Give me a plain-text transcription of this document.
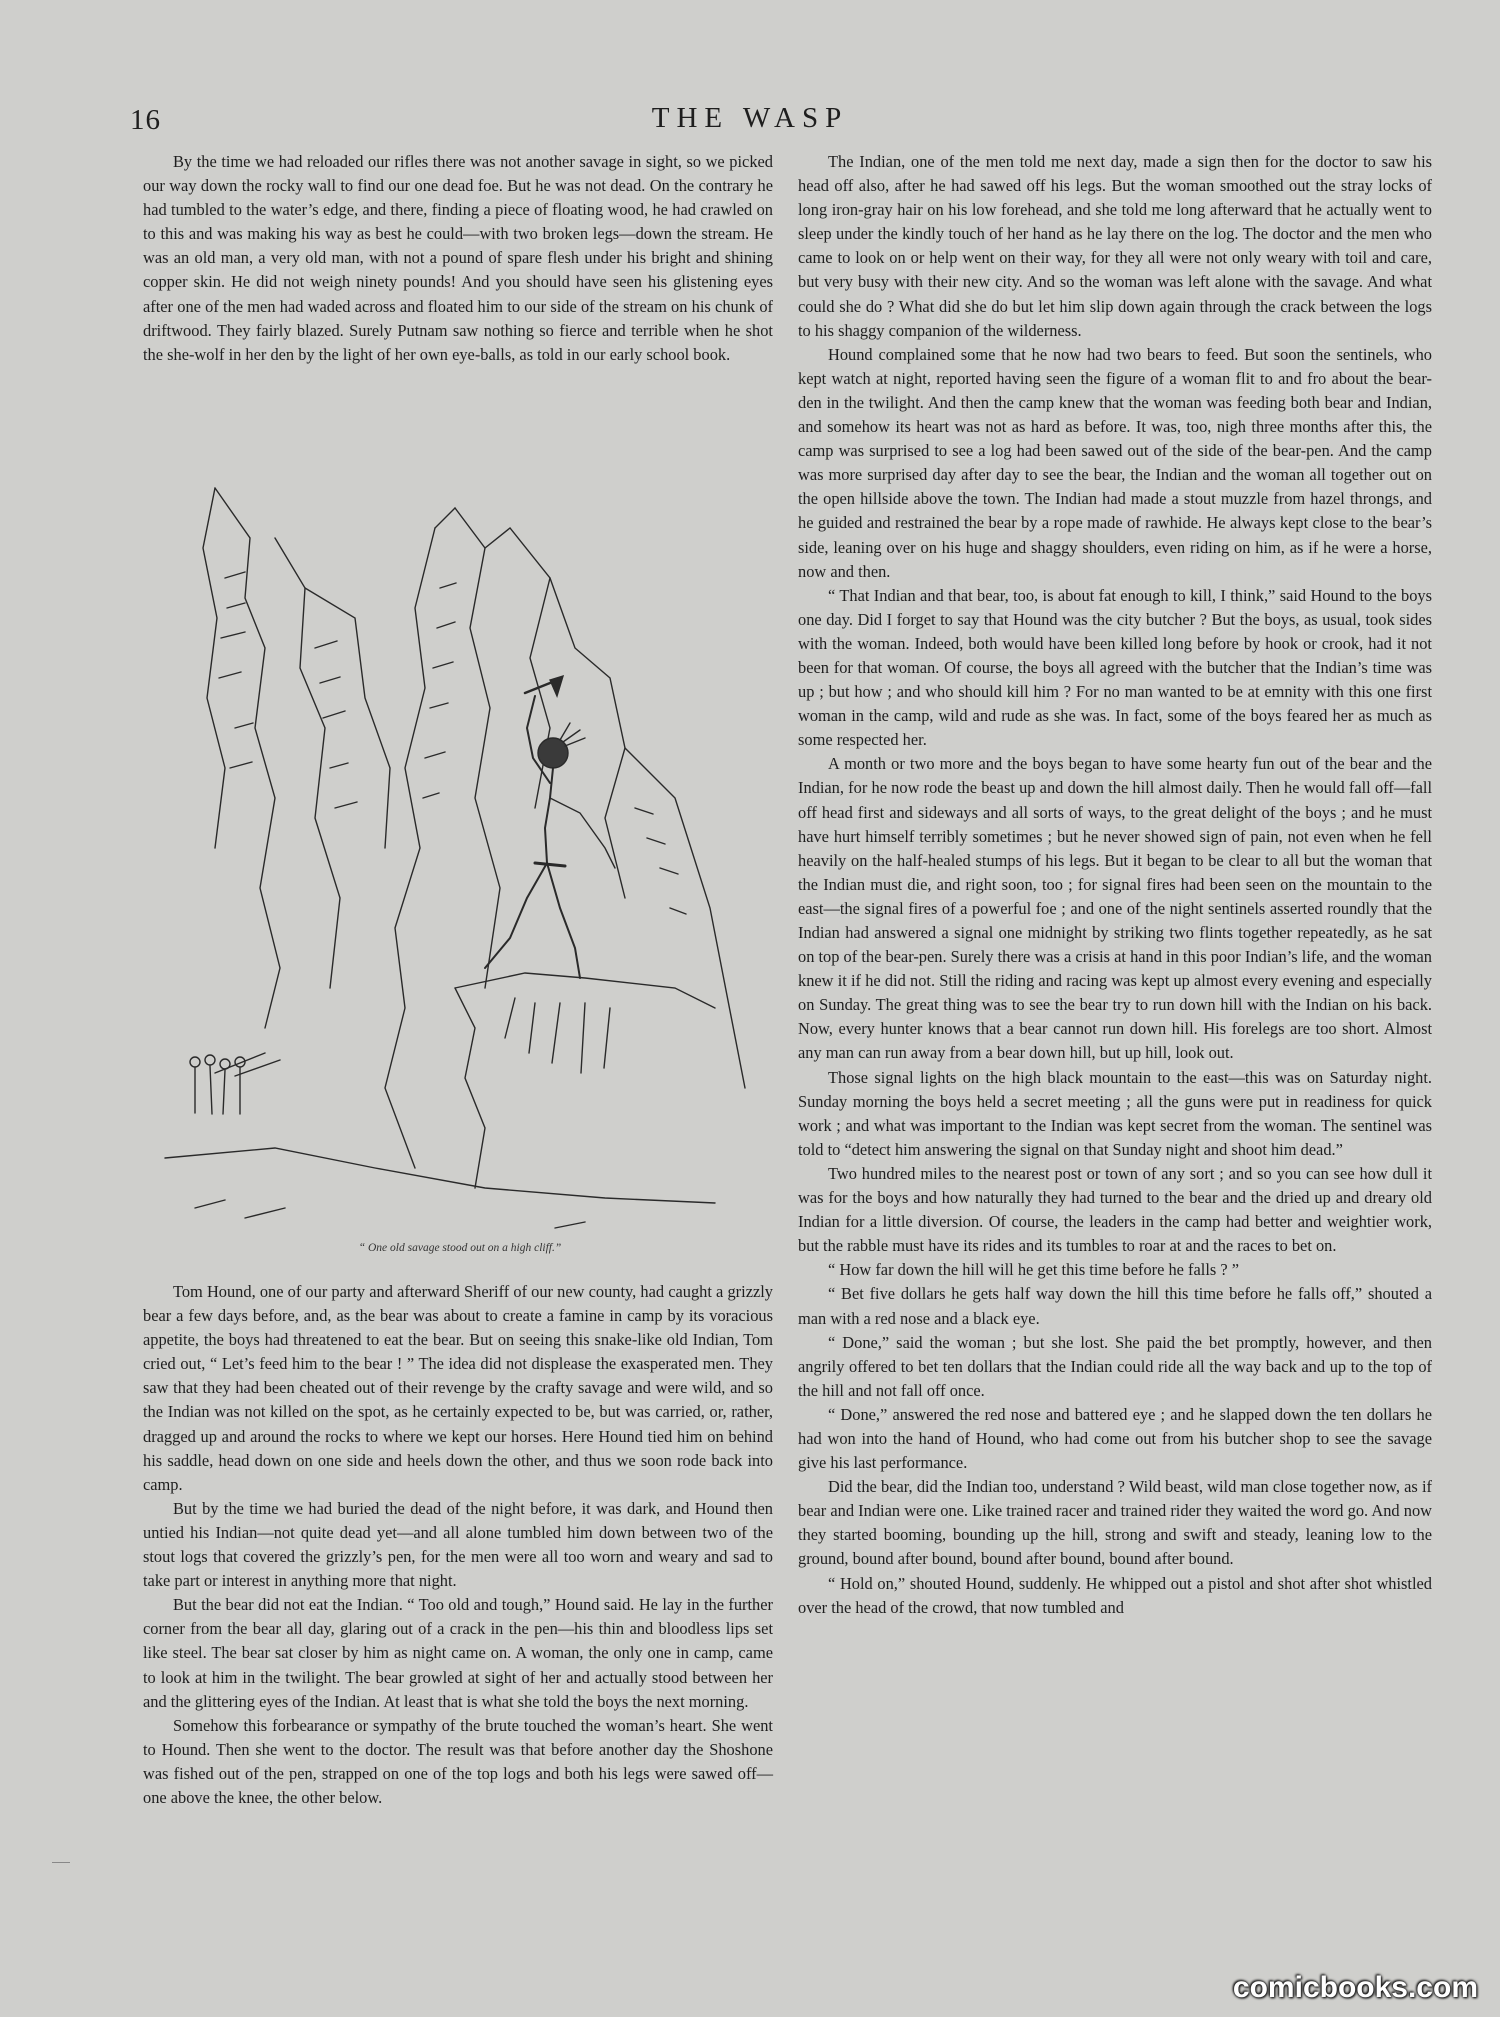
16	THE WASP

By the time we had reloaded our rifles there was not another savage in sight, so we picked our way down the rocky wall to find our one dead foe. But he was not dead. On the contrary he had tumbled to the water’s edge, and there, finding a piece of floating wood, he had crawled on to this and was making his way as best he could—with two broken legs—down the stream. He was an old man, a very old man, with not a pound of spare flesh under his bright and shining copper skin. He did not weigh ninety pounds! And you should have seen his glistening eyes after one of the men had waded across and floated him to our side of the stream on his chunk of driftwood. They fairly blazed. Surely Putnam saw nothing so fierce and terrible when he shot the she-wolf in her den by the light of her own eye-balls, as told in our early school book.

Tom Hound, one of our party and afterward Sheriff of our new county, had caught a grizzly bear a few days before, and, as the bear was about to create a famine in camp by its voracious appetite, the boys had threatened to eat the bear. But on seeing this snake-like old Indian, Tom cried out, “ Let’s feed him to the bear ! ” The idea did not displease the exasperated men. They saw that they had been cheated out of their revenge by the crafty savage and were wild, and so the Indian was not killed on the spot, as he certainly expected to be, but was carried, or, rather, dragged up and around the rocks to where we kept our horses. Here Hound tied him on behind his saddle, head down on one side and heels down the other, and thus we soon rode back into camp.

But by the time we had buried the dead of the night before, it was dark, and Hound then untied his Indian—not quite dead yet—and all alone tumbled him down between two of the stout logs that covered the grizzly’s pen, for the men were all too worn and weary and sad to take part or interest in anything more that night.

But the bear did not eat the Indian. “ Too old and tough,” Hound said. He lay in the further corner from the bear all day, glaring out of a crack in the pen—his thin and bloodless lips set like steel. The bear sat closer by him as night came on. A woman, the only one in camp, came to look at him in the twilight. The bear growled at sight of her and actually stood between her and the glittering eyes of the Indian. At least that is what she told the boys the next morning.

Somehow this forbearance or sympathy of the brute touched the woman’s heart. She went to Hound. Then she went to the doctor. The result was that before another day the Shoshone was fished out of the pen, strapped on one of the top logs and both his legs were sawed off—one above the knee, the other below.

“ One old savage stood out on a high cliff.”

The Indian, one of the men told me next day, made a sign then for the doctor to saw his head off also, after he had sawed off his legs. But the woman smoothed out the stray locks of long iron-gray hair on his low forehead, and she told me long afterward that he actually went to sleep under the kindly touch of her hand as he lay there on the log. The doctor and the men who came to look on or help went on their way, for they all were not only weary with toil and care, but very busy with their new city. And so the woman was left alone with the savage. And what could she do ? What did she do but let him slip down again through the crack between the logs to his shaggy companion of the wilderness.

Hound complained some that he now had two bears to feed. But soon the sentinels, who kept watch at night, reported having seen the figure of a woman flit to and fro about the bear-den in the twilight. And then the camp knew that the woman was feeding both bear and Indian, and somehow its heart was not as hard as before. It was, too, nigh three months after this, the camp was surprised to see a log had been sawed out of the side of the bear-pen. And the camp was more surprised day after day to see the bear, the Indian and the woman all together out on the open hillside above the town. The Indian had made a stout muzzle from hazel throngs, and he guided and restrained the bear by a rope made of rawhide. He always kept close to the bear’s side, leaning over on his huge and shaggy shoulders, even riding on him, as if he were a horse, now and then.

“ That Indian and that bear, too, is about fat enough to kill, I think,” said Hound to the boys one day. Did I forget to say that Hound was the city butcher ? But the boys, as usual, took sides with the woman. Indeed, both would have been killed long before by hook or crook, had it not been for that woman. Of course, the boys all agreed with the butcher that the Indian’s time was up ; but how ; and who should kill him ? For no man wanted to be at emnity with this one first woman in the camp, wild and rude as she was. In fact, some of the boys feared her as much as some respected her.

A month or two more and the boys began to have some hearty fun out of the bear and the Indian, for he now rode the beast up and down the hill almost daily. Then he would fall off—fall off head first and sideways and all sorts of ways, to the great delight of the boys ; and he must have hurt himself terribly sometimes ; but he never showed sign of pain, not even when he fell heavily on the half-healed stumps of his legs. But it began to be clear to all but the woman that the Indian must die, and right soon, too ; for signal fires had been seen on the mountain to the east—the signal fires of a powerful foe ; and one of the night sentinels asserted roundly that the Indian had answered a signal one midnight by striking two flints together repeatedly, as he sat on top of the bear-pen. Surely there was a crisis at hand in this poor Indian’s life, and the woman knew it if he did not. Still the riding and racing was kept up almost every evening and especially on Sunday. The great thing was to see the bear try to run down hill with the Indian on his back. Now, every hunter knows that a bear cannot run down hill. His forelegs are too short. Almost any man can run away from a bear down hill, but up hill, look out.

Those signal lights on the high black mountain to the east—this was on Saturday night. Sunday morning the boys held a secret meeting ; all the guns were put in readiness for quick work ; and what was important to the Indian was kept secret from the woman. The sentinel was told to “detect him answering the signal on that Sunday night and shoot him dead.”

Two hundred miles to the nearest post or town of any sort ; and so you can see how dull it was for the boys and how naturally they had turned to the bear and the dried up and dreary old Indian for a little diversion. Of course, the leaders in the camp had better and weightier work, but the rabble must have its rides and its tumbles to roar at and the races to bet on.

“ How far down the hill will he get this time before he falls ? ”

“ Bet five dollars he gets half way down the hill this time before he falls off,” shouted a man with a red nose and a black eye.

“ Done,” said the woman ; but she lost. She paid the bet promptly, however, and then angrily offered to bet ten dollars that the Indian could ride all the way back and up to the top of the hill and not fall off once.

“ Done,” answered the red nose and battered eye ; and he slapped down the ten dollars he had won into the hand of Hound, who had come out from his butcher shop to see the savage give his last performance.

Did the bear, did the Indian too, understand ? Wild beast, wild man close together now, as if bear and Indian were one. Like trained racer and trained rider they waited the word go. And now they started booming, bounding up the hill, strong and swift and steady, leaning low to the ground, bound after bound, bound after bound, bound after bound.

“ Hold on,” shouted Hound, suddenly. He whipped out a pistol and shot after shot whistled over the head of the crowd, that now tumbled and

comicbooks.com
